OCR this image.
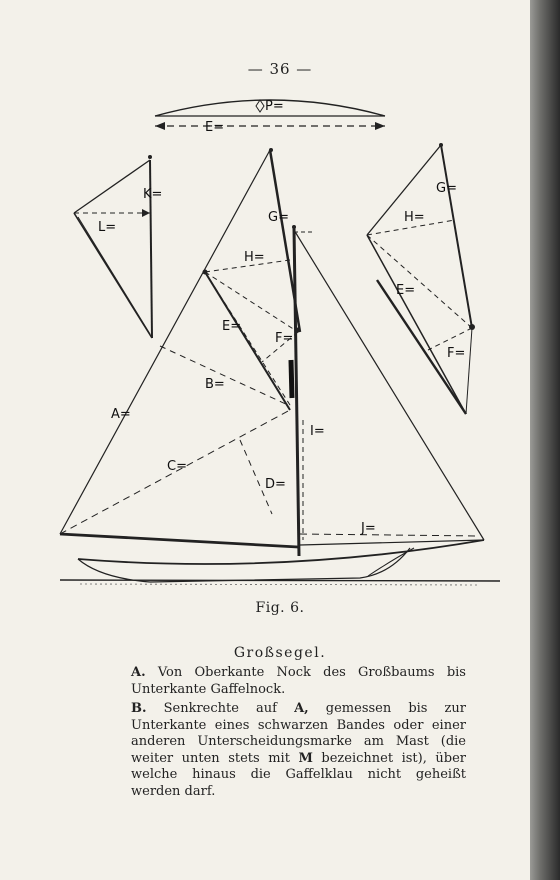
— 36 —
P=
E=
K=
L=
G=
H=
E=
F=
G=
H=
E=
F=
B=
A=
I=
C=
D=
J=
Fig. 6.
Großsegel.
A. Von Oberkante Nock des Großbaums bis Unterkante Gaffelnock.
B. Senkrechte auf A, gemessen bis zur Unterkante eines schwarzen Bandes oder einer anderen Unterscheidungsmarke am Mast (die weiter unten stets mit M bezeichnet ist), über welche hinaus die Gaffelklau nicht geheißt werden darf.
